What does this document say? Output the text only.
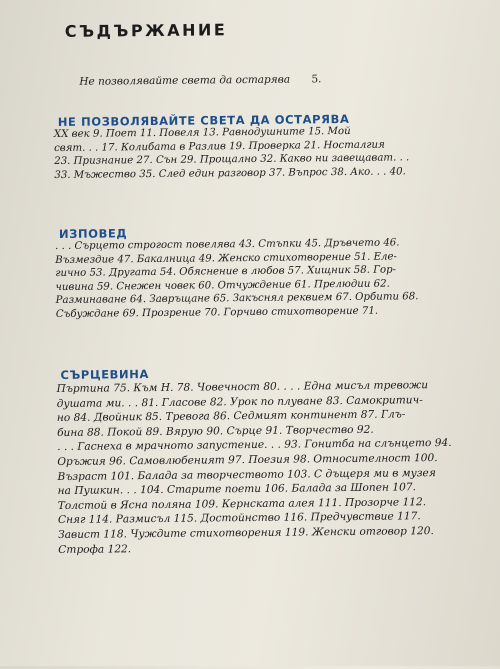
СЪДЪРЖАНИЕ
Не позволявайте света да остарява 5.
НЕ ПОЗВОЛЯВАЙТЕ СВЕТА ДА ОСТАРЯВА
XX век 9. Поет 11. Повеля 13. Равнодушните 15. Мой
свят. . . 17. Колибата в Разлив 19. Проверка 21. Носталгия
23. Признание 27. Сън 29. Прощално 32. Какво ни завещават. . .
33. Мъжество 35. След един разговор 37. Въпрос 38. Ако. . . 40.
ИЗПОВЕД
. . . Сърцето строгост повелява 43. Стъпки 45. Дръвчето 46.
Възмездие 47. Бакалница 49. Женско стихотворение 51. Еле-
гично 53. Другата 54. Обяснение в любов 57. Хищник 58. Гор-
чивина 59. Снежен човек 60. Отчуждение 61. Прелюдии 62.
Разминаване 64. Завръщане 65. Закъснял реквием 67. Орбити 68.
Събуждане 69. Прозрение 70. Горчиво стихотворение 71.
СЪРЦЕВИНА
Пъртина 75. Към Н. 78. Човечност 80. . . . Една мисъл тревожи
душата ми. . . 81. Гласове 82. Урок по плуване 83. Самокритич-
но 84. Двойник 85. Тревога 86. Седмият континент 87. Глъ-
бина 88. Покой 89. Вярую 90. Сърце 91. Творчество 92.
. . . Гаснеха в мрачното запустение. . . 93. Гонитба на слънцето 94.
Оръжия 96. Самовлюбеният 97. Поезия 98. Относителност 100.
Възраст 101. Балада за творчеството 103. С дъщеря ми в музея
на Пушкин. . . 104. Старите поети 106. Балада за Шопен 107.
Толстой в Ясна поляна 109. Кернската алея 111. Прозорче 112.
Сняг 114. Размисъл 115. Достойнство 116. Предчувствие 117.
Завист 118. Чуждите стихотворения 119. Женски отговор 120.
Строфа 122.
